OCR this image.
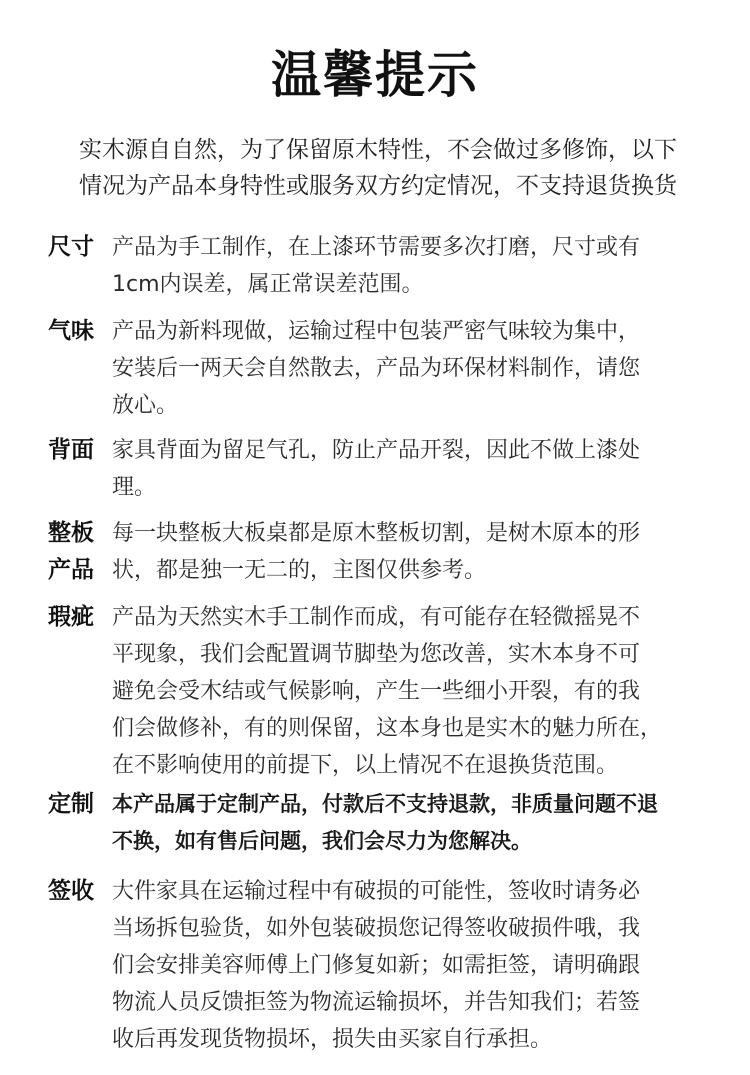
温馨提示
实木源自自然，为了保留原木特性，不会做过多修饰，以下
情况为产品本身特性或服务双方约定情况，不支持退货换货
尺寸 产品为手工制作，在上漆环节需要多次打磨，尺寸或有
1cm内误差，属正常误差范围。
气味 产品为新料现做，运输过程中包装严密气味较为集中，
安装后一两天会自然散去，产品为环保材料制作，请您
放心。
背面 家具背面为留足气孔，防止产品开裂，因此不做上漆处
理。
整板
产品
每一块整板大板桌都是原木整板切割，是树木原本的形
状，都是独一无二的，主图仅供参考。
瑕疵 产品为天然实木手工制作而成，有可能存在轻微摇晃不
平现象，我们会配置调节脚垫为您改善，实木本身不可
避免会受木结或气候影响，产生一些细小开裂，有的我
们会做修补，有的则保留，这本身也是实木的魅力所在，
在不影响使用的前提下，以上情况不在退换货范围。
定制 本产品属于定制产品，付款后不支持退款，非质量问题不退
不换，如有售后问题，我们会尽力为您解决。
签收 大件家具在运输过程中有破损的可能性，签收时请务必
当场拆包验货，如外包装破损您记得签收破损件哦，我
们会安排美容师傅上门修复如新；如需拒签，请明确跟
物流人员反馈拒签为物流运输损坏，并告知我们；若签
收后再发现货物损坏，损失由买家自行承担。
